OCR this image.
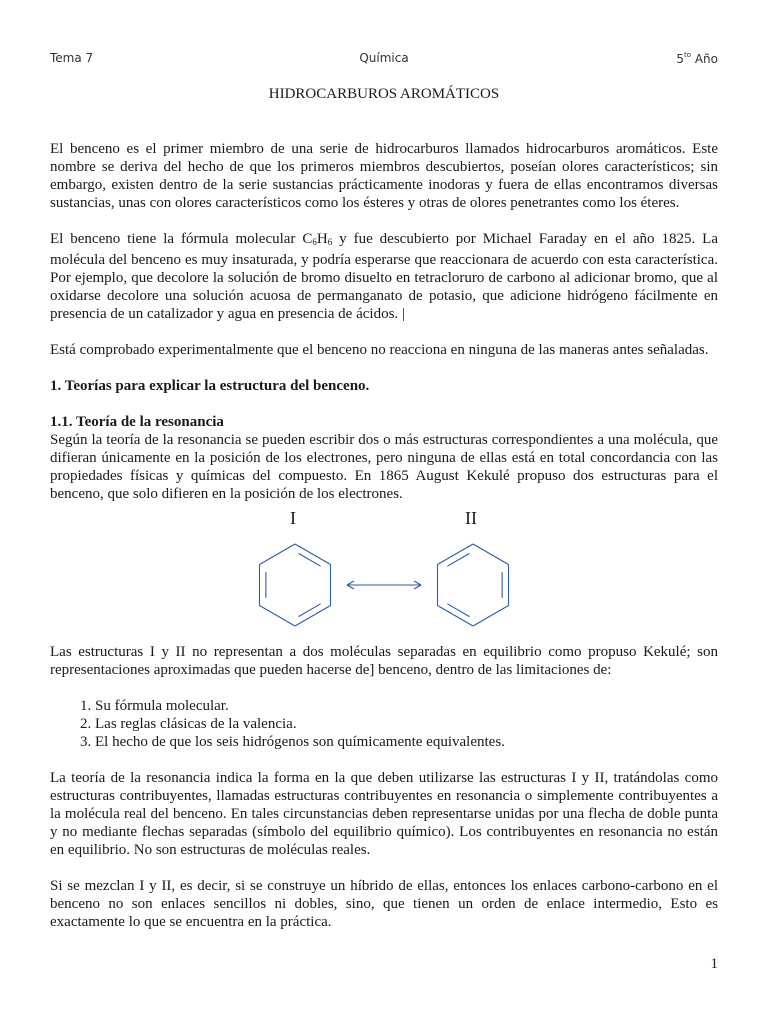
Tema 7	Química	$5^{to}$ Año
HIDROCARBUROS AROMÁTICOS

El benceno es el primer miembro de una serie de hidrocarburos llamados hidrocarburos aromáticos. Este nombre se deriva del hecho de que los primeros miembros descubiertos, poseían olores característicos; sin embargo, existen dentro de la serie sustancias prácticamente inodoras y fuera de ellas encontramos diversas sustancias, unas con olores característicos como los ésteres y otras de olores penetrantes como los éteres.

El benceno tiene la fórmula molecular $C_6H_6$ y fue descubierto por Michael Faraday en el año 1825. La molécula del benceno es muy insaturada, y podría esperarse que reaccionara de acuerdo con esta característica. Por ejemplo, que decolore la solución de bromo disuelto en tetracloruro de carbono al adicionar bromo, que al oxidarse decolore una solución acuosa de permanganato de potasio, que adicione hidrógeno fácilmente en presencia de un catalizador y agua en presencia de ácidos. |

Está comprobado experimentalmente que el benceno no reacciona en ninguna de las maneras antes señaladas.

1. Teorías para explicar la estructura del benceno.
1.1. Teoría de la resonancia

Según la teoría de la resonancia se pueden escribir dos o más estructuras correspondientes a una molécula, que difieran únicamente en la posición de los electrones, pero ninguna de ellas está en total concordancia con las propiedades físicas y químicas del compuesto. En 1865 August Kekulé propuso dos estructuras para el benceno, que solo difieren en la posición de los electrones.

I	II

Las estructuras I y II no representan a dos moléculas separadas en equilibrio como propuso Kekulé; son representaciones aproximadas que pueden hacerse de] benceno, dentro de las limitaciones de:

1. Su fórmula molecular.
2. Las reglas clásicas de la valencia.
3. El hecho de que los seis hidrógenos son químicamente equivalentes.

La teoría de la resonancia indica la forma en la que deben utilizarse las estructuras I y II, tratándolas como estructuras contribuyentes, llamadas estructuras contribuyentes en resonancia o simplemente contribuyentes a la molécula real del benceno. En tales circunstancias deben representarse unidas por una flecha de doble punta y no mediante flechas separadas (símbolo del equilibrio químico). Los contribuyentes en resonancia no están en equilibrio. No son estructuras de moléculas reales.

Si se mezclan I y II, es decir, si se construye un híbrido de ellas, entonces los enlaces carbono-carbono en el benceno no son enlaces sencillos ni dobles, sino, que tienen un orden de enlace intermedio, Esto es exactamente lo que se encuentra en la práctica.

1
